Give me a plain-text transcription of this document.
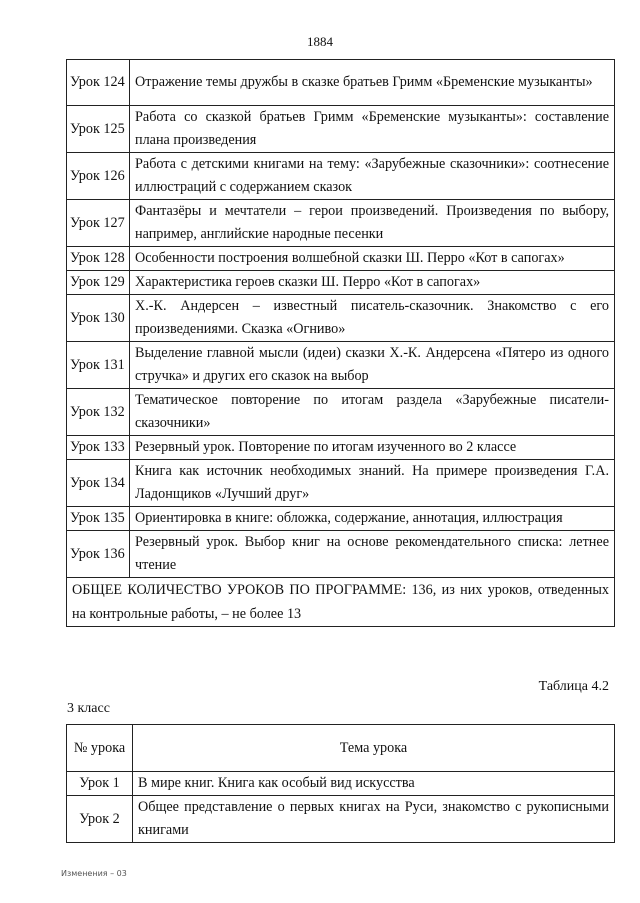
1884
Урок 124	Отражение темы дружбы в сказке братьев Гримм «Бременские музыканты»
Урок 125	Работа со сказкой братьев Гримм «Бременские музыканты»: составление плана произведения
Урок 126	Работа с детскими книгами на тему: «Зарубежные сказочники»: соотнесение иллюстраций с содержанием сказок
Урок 127	Фантазёры и мечтатели – герои произведений. Произведения по выбору, например, английские народные песенки
Урок 128	Особенности построения волшебной сказки Ш. Перро «Кот в сапогах»
Урок 129	Характеристика героев сказки Ш. Перро «Кот в сапогах»
Урок 130	Х.-К. Андерсен – известный писатель-сказочник. Знакомство с его произведениями. Сказка «Огниво»
Урок 131	Выделение главной мысли (идеи) сказки Х.-К. Андерсена «Пятеро из одного стручка» и других его сказок на выбор
Урок 132	Тематическое повторение по итогам раздела «Зарубежные писатели-сказочники»
Урок 133	Резервный урок. Повторение по итогам изученного во 2 классе
Урок 134	Книга как источник необходимых знаний. На примере произведения Г.А. Ладонщиков «Лучший друг»
Урок 135	Ориентировка в книге: обложка, содержание, аннотация, иллюстрация
Урок 136	Резервный урок. Выбор книг на основе рекомендательного списка: летнее чтение
ОБЩЕЕ КОЛИЧЕСТВО УРОКОВ ПО ПРОГРАММЕ: 136, из них уроков, отведенных на контрольные работы, – не более 13	
Таблица 4.2
3 класс
№ урока	Тема урока
Урок 1	В мире книг. Книга как особый вид искусства
Урок 2	Общее представление о первых книгах на Руси, знакомство с рукописными книгами
Изменения – 03
